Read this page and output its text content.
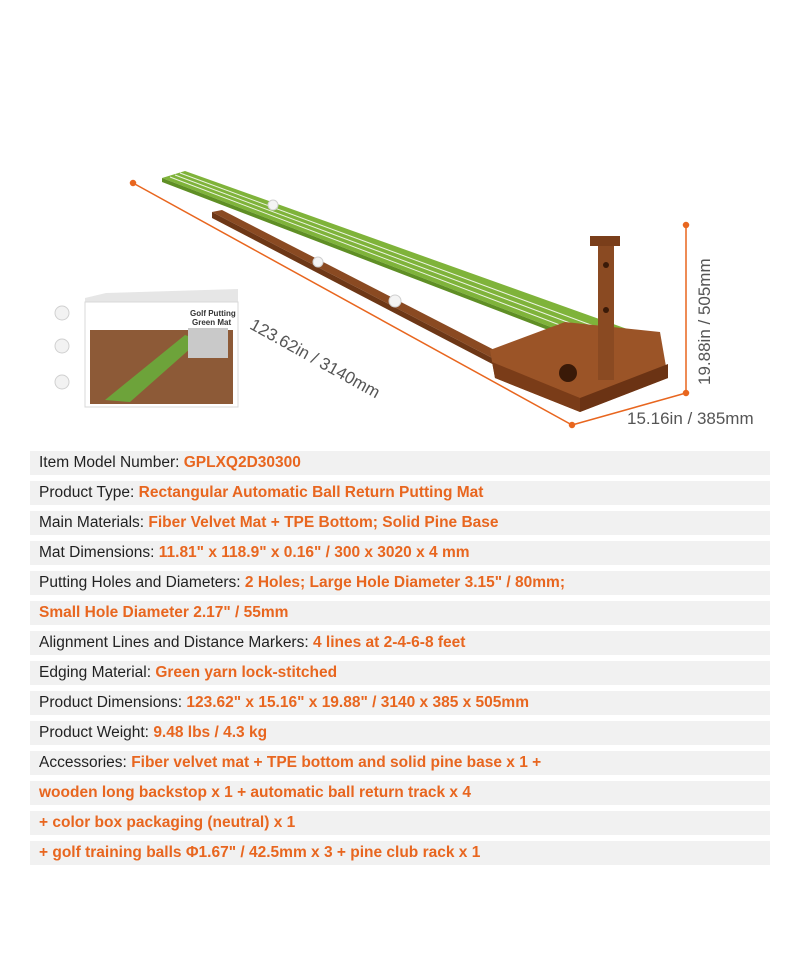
Golf Putting
Green Mat 123.62in / 3140mm	19.88in / 505mm
15.16in / 385mm
Item Model Number:
GPLXQ2D30300
Product Type:
Rectangular Automatic Ball Return Putting Mat
Main Materials:
Fiber Velvet Mat + TPE Bottom; Solid Pine Base
Mat Dimensions:
11.81" x 118.9" x 0.16" / 300 x 3020 x 4 mm
Putting Holes and Diameters:
2 Holes; Large Hole Diameter 3.15" / 80mm;
Small Hole Diameter 2.17" / 55mm
Alignment Lines and Distance Markers:
4 lines at 2-4-6-8 feet
Edging Material:
Green yarn lock-stitched
Product Dimensions:
123.62" x 15.16" x 19.88" / 3140 x 385 x 505mm
Product Weight:
9.48 lbs / 4.3 kg
Accessories:
Fiber velvet mat + TPE bottom and solid pine base x 1 +
wooden long backstop x 1 + automatic ball return track x 4
+ color box packaging (neutral) x 1
+ golf training balls Φ1.67" / 42.5mm x 3 + pine club rack x 1
